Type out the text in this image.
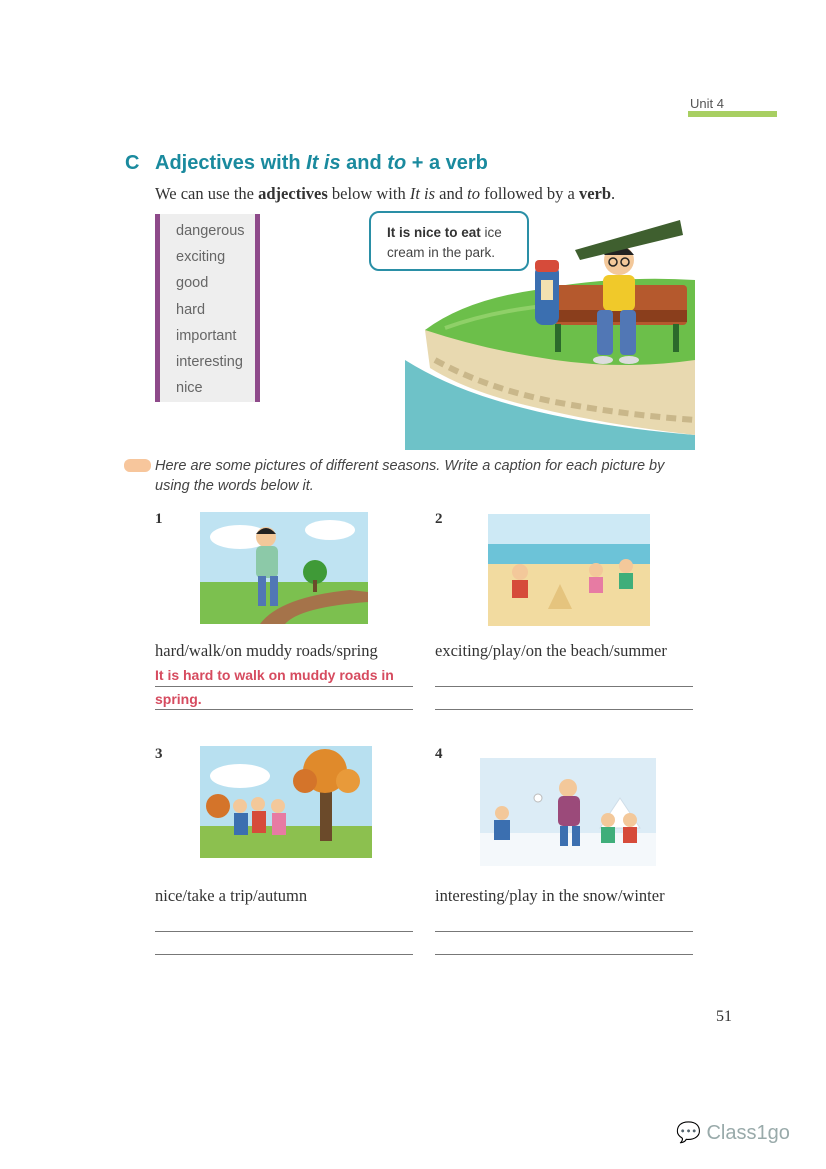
Unit 4
C Adjectives with It is and to + a verb
We can use the adjectives below with It is and to followed by a verb.
dangerous
exciting
good
hard
important
interesting
nice
It is nice to eat ice cream in the park.
Here are some pictures of different seasons. Write a caption for each picture by using the words below it.
1
hard/walk/on muddy roads/spring
It is hard to walk on muddy roads in
spring.
2
exciting/play/on the beach/summer
3
nice/take a trip/autumn
4
interesting/play in the snow/winter
51
💬 Class1go
